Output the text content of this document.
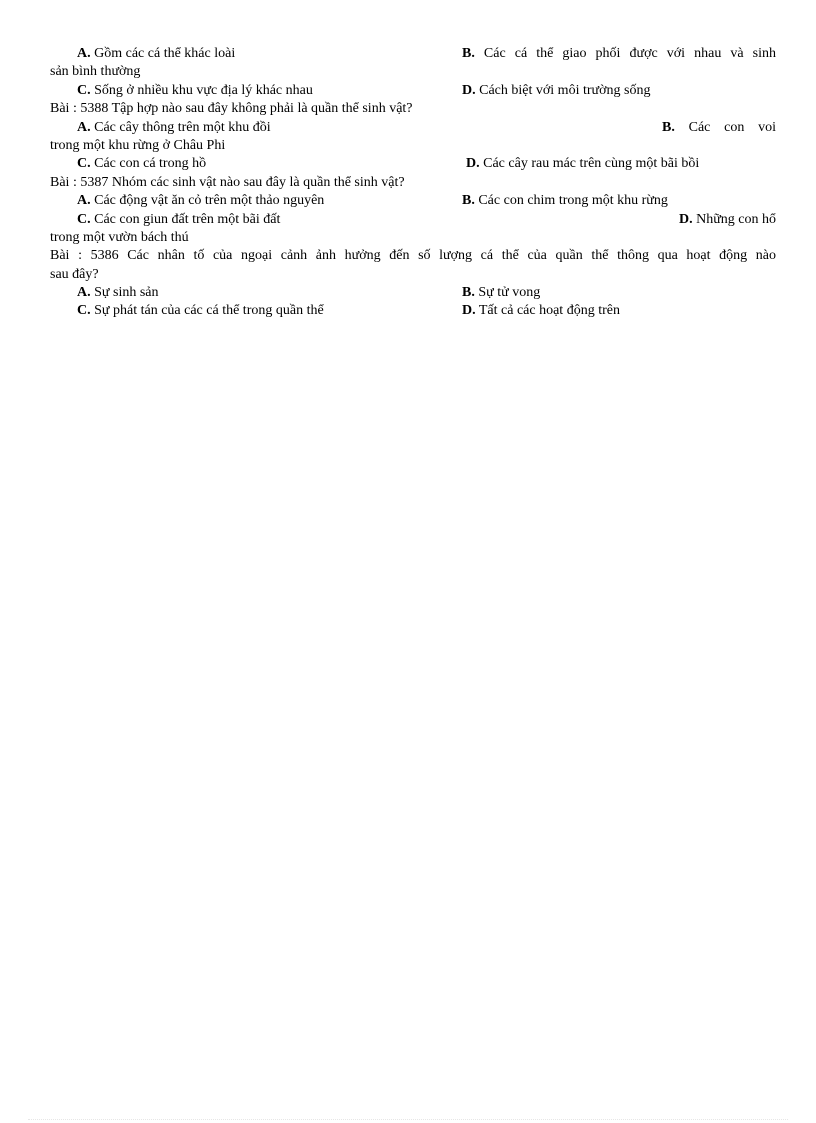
A. Gồm các cá thể khác loài	B. Các cá thể giao phối được với nhau và sinh
sản bình thường
C. Sống ở nhiều khu vực địa lý khác nhau	D. Cách biệt với môi trường sống
Bài : 5388 Tập hợp nào sau đây không phải là quần thể sinh vật?
A. Các cây thông trên một khu đồi	B. Các con voi
trong một khu rừng ở Châu Phi
C. Các con cá trong hồ	D. Các cây rau mác trên cùng một bãi bồi
Bài : 5387 Nhóm các sinh vật nào sau đây là quần thể sinh vật?
A. Các động vật ăn cỏ trên một thảo nguyên	B. Các con chim trong một khu rừng
C. Các con giun đất trên một bãi đất	D. Những con hổ
trong một vườn bách thú
Bài : 5386 Các nhân tố của ngoại cảnh ảnh hưởng đến số lượng cá thể của quần thể thông qua hoạt động nào
sau đây?
A. Sự sinh sản	B. Sự tử vong
C. Sự phát tán của các cá thể trong quần thể	D. Tất cả các hoạt động trên
